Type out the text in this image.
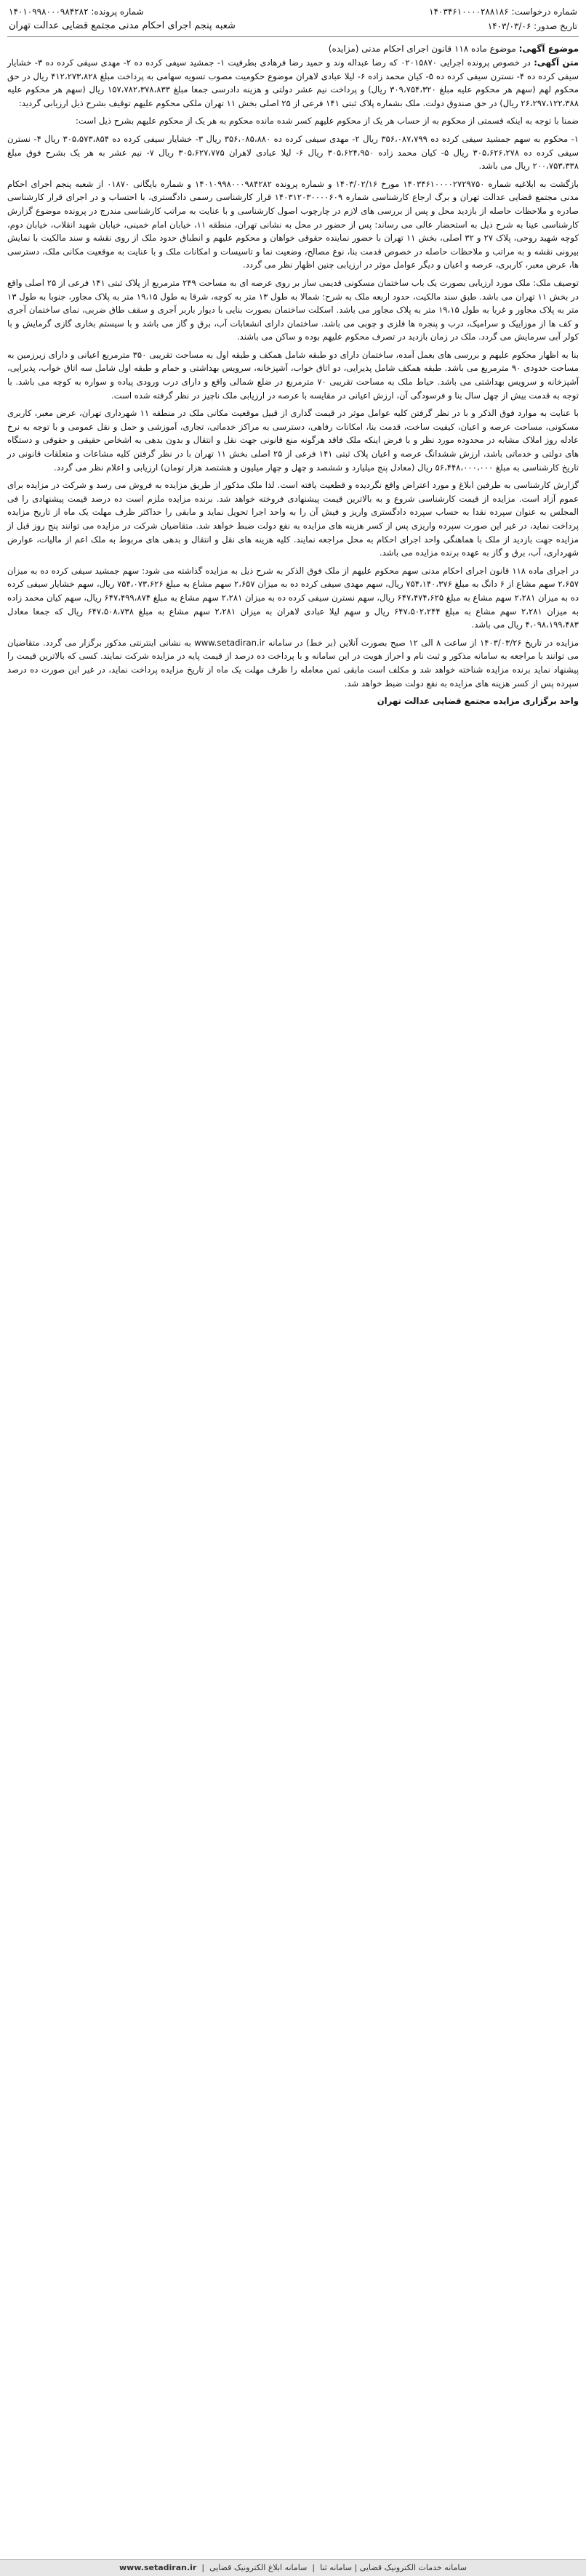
شماره درخواست: ۱۴۰۳۴۶۱۰۰۰۰۲۸۸۱۸۶
شماره پرونده: ۱۴۰۱۰۹۹۸۰۰۰۹۸۴۲۸۲
تاریخ صدور: ۱۴۰۳/۰۳/۰۶
شعبه پنجم اجرای احکام مدنی مجتمع قضایی عدالت تهران
موضوع آگهی: موضوع ماده ۱۱۸ قانون اجرای احکام مدنی (مزایده)

متن آگهی: در خصوص پرونده اجرایی ۰۲۰۱۵۸۷۰ که رضا عبداله وند و حمید رضا فرهادی بطرفیت ۱- جمشید سیفی کرده ده ۲- مهدی سیفی کرده ده ۳- خشایار سیفی کرده ده ۴- نسترن سیفی کرده ده ۵- کیان محمد زاده ۶- لیلا عبادی لاهران موضوع حکومیت مصوب تسویه سهامی به پرداخت مبلغ ۴۱۲،۲۷۳،۸۲۸ ریال در حق محکوم لهم (سهم هر محکوم علیه مبلغ ۳۰۹،۷۵۴،۳۲۰ ریال) و پرداخت نیم عشر دولتی و هزینه دادرسی جمعا مبلغ ۱۵۷،۷۸۲،۳۷۸،۸۳۳ ریال (سهم هر محکوم علیه ۲۶،۲۹۷،۱۲۲،۳۸۸ ریال) در حق صندوق دولت. ملک بشماره پلاک ثبتی ۱۴۱ فرعی از ۲۵ اصلی بخش ۱۱ تهران ملکی محکوم علیهم توقیف بشرح ذیل ارزیابی گردید:

ضمنا با توجه به اینکه قسمتی از محکوم به از حساب هر یک از محکوم علیهم کسر شده مانده محکوم به هر یک از محکوم علیهم بشرح ذیل است:

۱- محکوم به سهم جمشید سیفی کرده ده ۳۵۶،۰۸۷،۷۹۹ ریال ۲- مهدی سیفی کرده ده ۳۵۶،۰۸۵،۸۸۰ ریال ۳- خشایار سیفی کرده ده ۳۰۵،۵۷۳،۸۵۴ ریال ۴- نسترن سیفی کرده ده ۳۰۵،۶۲۶،۲۷۸ ریال ۵- کیان محمد زاده ۳۰۵،۶۲۴،۹۵۰ ریال ۶- لیلا عبادی لاهران ۳۰۵،۶۲۷،۷۷۵ ریال ۷- نیم عشر به هر یک بشرح فوق مبلغ ۲۰۰،۷۵۳،۳۳۸ ریال می باشد.

بازگشت به ابلاغیه شماره ۱۴۰۳۴۶۱۰۰۰۰۲۷۲۹۷۵۰ مورخ ۱۴۰۳/۰۲/۱۶ و شماره پرونده ۱۴۰۱۰۹۹۸۰۰۰۹۸۴۲۸۲ و شماره بایگانی ۰۱۸۷۰ از شعبه پنجم اجرای احکام مدنی مجتمع قضایی عدالت تهران و برگ ارجاع کارشناسی شماره ۱۴۰۳۱۲۰۳۰۰۰۰۶۰۹ قرار کارشناسی رسمی دادگستری، با احتساب و در اجرای قرار کارشناسی صادره و ملاحظات حاصله از بازدید محل و پس از بررسی های لازم در چارچوب اصول کارشناسی و با عنایت به مراتب کارشناسی مندرج در پرونده موضوع گزارش کارشناسی عینا به شرح ذیل به استحضار عالی می رساند: پس از حضور در محل به نشانی تهران، منطقه ۱۱، خیابان امام خمینی، خیابان شهید انقلاب، خیابان دوم، کوچه شهید روحی، پلاک ۲۷ و ۳۲ اصلی، بخش ۱۱ تهران با حضور نماینده حقوقی خواهان و محکوم علیهم و انطباق حدود ملک از روی نقشه و سند مالکیت با نمایش بیرونی نقشه و به مراتب و ملاحظات حاصله در خصوص قدمت بنا، نوع مصالح، وضعیت نما و تاسیسات و امکانات ملک و با عنایت به موقعیت مکانی ملک، دسترسی ها، عرض معبر، کاربری، عرصه و اعیان و دیگر عوامل موثر در ارزیابی چنین اظهار نظر می گردد.

توصیف ملک: ملک مورد ارزیابی بصورت یک باب ساختمان مسکونی قدیمی ساز بر روی عرصه ای به مساحت ۲۴۹ مترمربع از پلاک ثبتی ۱۴۱ فرعی از ۲۵ اصلی واقع در بخش ۱۱ تهران می باشد. طبق سند مالکیت، حدود اربعه ملک به شرح: شمالا به طول ۱۳ متر به کوچه، شرقا به طول ۱۹،۱۵ متر به پلاک مجاور، جنوبا به طول ۱۳ متر به پلاک مجاور و غربا به طول ۱۹،۱۵ متر به پلاک مجاور می باشد. اسکلت ساختمان بصورت بنایی با دیوار باربر آجری و سقف طاق ضربی، نمای ساختمان آجری و کف ها از موزاییک و سرامیک، درب و پنجره ها فلزی و چوبی می باشد. ساختمان دارای انشعابات آب، برق و گاز می باشد و با سیستم بخاری گازی گرمایش و با کولر آبی سرمایش می گردد. ملک در زمان بازدید در تصرف محکوم علیهم بوده و ساکن می باشند.

بنا به اظهار محکوم علیهم و بررسی های بعمل آمده، ساختمان دارای دو طبقه شامل همکف و طبقه اول به مساحت تقریبی ۳۵۰ مترمربع اعیانی و دارای زیرزمین به مساحت حدودی ۹۰ مترمربع می باشد. طبقه همکف شامل پذیرایی، دو اتاق خواب، آشپزخانه، سرویس بهداشتی و حمام و طبقه اول شامل سه اتاق خواب، پذیرایی، آشپزخانه و سرویس بهداشتی می باشد. حیاط ملک به مساحت تقریبی ۷۰ مترمربع در ضلع شمالی واقع و دارای درب ورودی پیاده و سواره به کوچه می باشد. با توجه به قدمت بیش از چهل سال بنا و فرسودگی آن، ارزش اعیانی در مقایسه با عرصه در ارزیابی ملک ناچیز در نظر گرفته شده است.

با عنایت به موارد فوق الذکر و با در نظر گرفتن کلیه عوامل موثر در قیمت گذاری از قبیل موقعیت مکانی ملک در منطقه ۱۱ شهرداری تهران، عرض معبر، کاربری مسکونی، مساحت عرصه و اعیان، کیفیت ساخت، قدمت بنا، امکانات رفاهی، دسترسی به مراکز خدماتی، تجاری، آموزشی و حمل و نقل عمومی و با توجه به نرخ عادله روز املاک مشابه در محدوده مورد نظر و با فرض اینکه ملک فاقد هرگونه منع قانونی جهت نقل و انتقال و بدون بدهی به اشخاص حقیقی و حقوقی و دستگاه های دولتی و خدماتی باشد، ارزش ششدانگ عرصه و اعیان پلاک ثبتی ۱۴۱ فرعی از ۲۵ اصلی بخش ۱۱ تهران با در نظر گرفتن کلیه مشاعات و متعلقات قانونی در تاریخ کارشناسی به مبلغ ۵۶،۴۴۸،۰۰۰،۰۰۰ ریال (معادل پنج میلیارد و ششصد و چهل و چهار میلیون و هشتصد هزار تومان) ارزیابی و اعلام نظر می گردد.

گزارش کارشناسی به طرفین ابلاغ و مورد اعتراض واقع نگردیده و قطعیت یافته است. لذا ملک مذکور از طریق مزایده به فروش می رسد و شرکت در مزایده برای عموم آزاد است. مزایده از قیمت کارشناسی شروع و به بالاترین قیمت پیشنهادی فروخته خواهد شد. برنده مزایده ملزم است ده درصد قیمت پیشنهادی را فی المجلس به عنوان سپرده نقدا به حساب سپرده دادگستری واریز و فیش آن را به واحد اجرا تحویل نماید و مابقی را حداکثر ظرف مهلت یک ماه از تاریخ مزایده پرداخت نماید، در غیر این صورت سپرده واریزی پس از کسر هزینه های مزایده به نفع دولت ضبط خواهد شد. متقاضیان شرکت در مزایده می توانند پنج روز قبل از مزایده جهت بازدید از ملک با هماهنگی واحد اجرای احکام به محل مراجعه نمایند. کلیه هزینه های نقل و انتقال و بدهی های مربوط به ملک اعم از مالیات، عوارض شهرداری، آب، برق و گاز به عهده برنده مزایده می باشد.

در اجرای ماده ۱۱۸ قانون اجرای احکام مدنی سهم محکوم علیهم از ملک فوق الذکر به شرح ذیل به مزایده گذاشته می شود: سهم جمشید سیفی کرده ده به میزان ۲،۶۵۷ سهم مشاع از ۶ دانگ به مبلغ ۷۵۴،۱۴۰،۳۷۶ ریال، سهم مهدی سیفی کرده ده به میزان ۲،۶۵۷ سهم مشاع به مبلغ ۷۵۴،۰۷۳،۶۲۶ ریال، سهم خشایار سیفی کرده ده به میزان ۲،۲۸۱ سهم مشاع به مبلغ ۶۴۷،۴۷۴،۶۲۵ ریال، سهم نسترن سیفی کرده ده به میزان ۲،۲۸۱ سهم مشاع به مبلغ ۶۴۷،۴۹۹،۸۷۴ ریال، سهم کیان محمد زاده به میزان ۲،۲۸۱ سهم مشاع به مبلغ ۶۴۷،۵۰۲،۲۴۴ ریال و سهم لیلا عبادی لاهران به میزان ۲،۲۸۱ سهم مشاع به مبلغ ۶۴۷،۵۰۸،۷۳۸ ریال که جمعا معادل ۴،۰۹۸،۱۹۹،۴۸۳ ریال می باشد.

مزایده در تاریخ ۱۴۰۳/۰۳/۲۶ از ساعت ۸ الی ۱۲ صبح بصورت آنلاین (بر خط) در سامانه www.setadiran.ir به نشانی اینترنتی مذکور برگزار می گردد. متقاضیان می توانند با مراجعه به سامانه مذکور و ثبت نام و احراز هویت در این سامانه و با پرداخت ده درصد از قیمت پایه در مزایده شرکت نمایند. کسی که بالاترین قیمت را پیشنهاد نماید برنده مزایده شناخته خواهد شد و مکلف است مابقی ثمن معامله را ظرف مهلت یک ماه از تاریخ مزایده پرداخت نماید، در غیر این صورت ده درصد سپرده پس از کسر هزینه های مزایده به نفع دولت ضبط خواهد شد.

واحد برگزاری مزایده مجتمع قضایی عدالت تهران

سامانه خدمات الکترونیک قضایی | سامانه ثنا  |  سامانه ابلاغ الکترونیک قضایی  |  www.setadiran.ir
